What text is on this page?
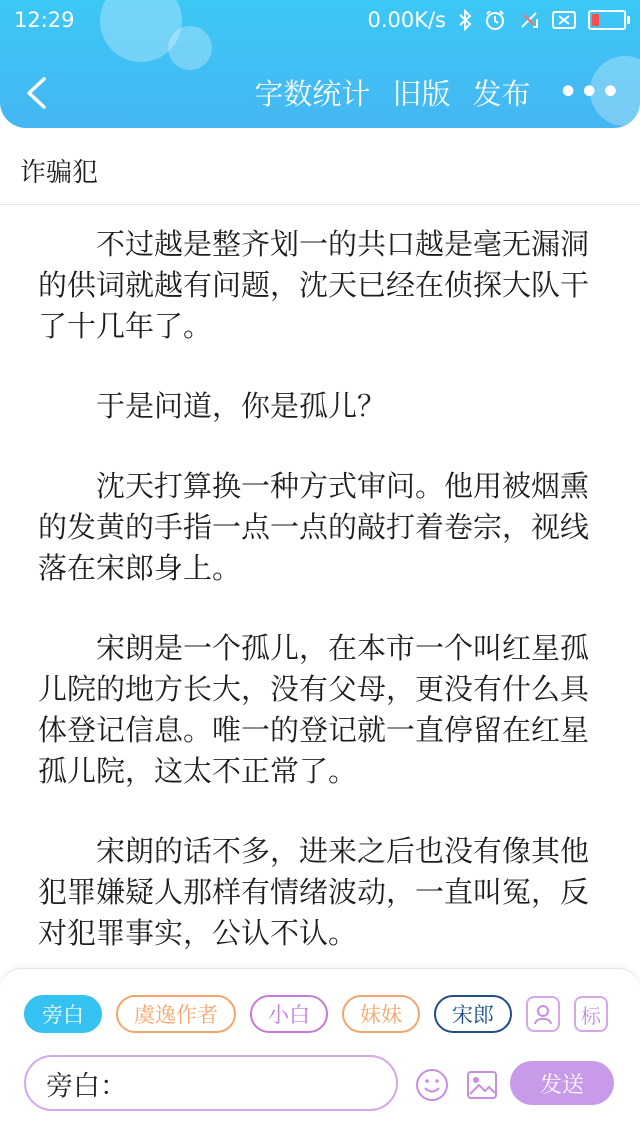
12:29	0.00K/s
字数统计 旧版 发布 •••
诈骗犯

不过越是整齐划一的共口越是毫无漏洞的供词就越有问题，沈天已经在侦探大队干了十几年了。

于是问道，你是孤儿？

沈天打算换一种方式审问。他用被烟熏的发黄的手指一点一点的敲打着卷宗，视线落在宋郎身上。

宋朗是一个孤儿，在本市一个叫红星孤儿院的地方长大，没有父母，更没有什么具体登记信息。唯一的登记就一直停留在红星孤儿院，这太不正常了。

宋朗的话不多，进来之后也没有像其他犯罪嫌疑人那样有情绪波动，一直叫冤，反对犯罪事实，公认不认。

旁白	虞逸作者	小白	妹妹	宋郎	标
旁白：	发送
